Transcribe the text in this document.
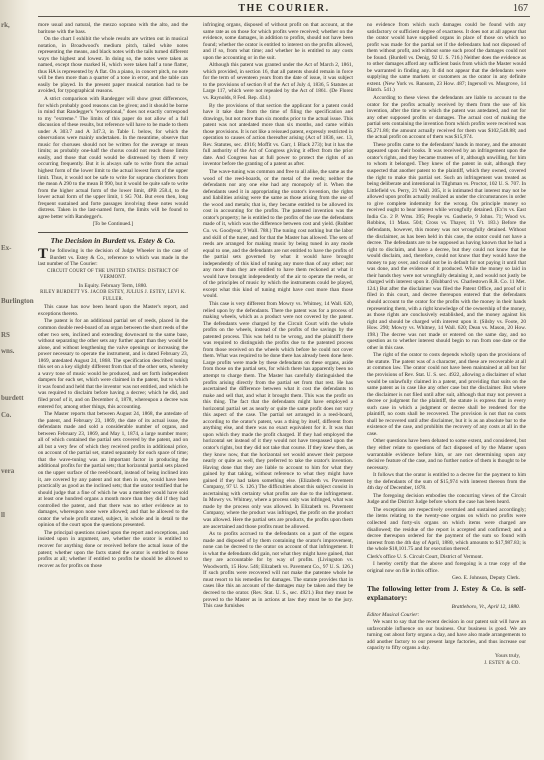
rk,
Ex-
Burlington
RS
wns.
burdett
Co.
vera
ll
THE COURIER.	167

more usual and natural, the mezzo soprano with the alto, and the baritone with the bass.

On the chart I exhibit the whole results are written out in musical notation, in Broadwood's medium pitch, tailed white notes representing the means, and black notes with the tails turned different ways the highest and lowest. In doing so, the notes were taken as named, except those marked H, which were taken half a tone flatter, thus HA is represented by A flat. On a piano, in concert pitch, no note will be then more than a quarter of a tone in error, and the table can easily be played. In the present paper musical notation had to be avoided, for typographical reasons.

A strict comparison with Randegger will show great differences, for which probably good reasons can be given; and it should be borne in mind that Randegger's "exceptional," does not exactly correspond to my "extreme." The limits of this paper do not allow of a full discussion of these results, but reference will have to be made to them under A 303.7 and A 347.3, in Table I. below, for which the observations were mainly undertaken. In the meantime, observe that music for choruses should not be written for the average or mean limits; as probably one-half the chorus could not reach those limits easily, and those that could would be distressed by them if very occurring frequently. But it is always safe to write from the actual highest form of the lower limit to the actual lowest form of the upper limit. Thus, it would not be safe to write for soprano choristers from the mean A 290 to the mean B 990, but it would be quite safe to write from the higher actual form of the lower limit, 4PB 258.4, to the lower actual form of the upper limit, 1 SG 704. But even then, long frequent sustained and forte passages involving these notes would distress. Taken in the last-named form, the limits will be found to agree better with Randegger's.

[To be Continued.]
The Decision in Burdett vs. Estey & Co.

The following is the decision of Judge Wheeler in the case of Burdett vs. Estey & Co., reference to which was made in the last number of The Courier:

CIRCUIT COURT OF THE UNITED STATES: DISTRICT OF VERMONT.
In Equity. February Term, 1880.
RILEY BURDETT VS. JACOB ESTEY, JULIUS J. ESTEY, LEVI K. FULLER.

This cause has now been heard upon the Master's report, and exceptions thereto.

The patent is for an additional partial set of reeds, placed in the common double reed-board of an organ between the short reeds of the other two sets, inclined and extending downward to the same base, without separating the other sets any further apart than they would be alone, and without lengthening the valve openings or increasing the power necessary to operate the instrument, and is dated February 23, 1869, antedated August 24, 1868. The specification described tuning this set on a key slightly different from that of the other sets, whereby a wavy tone of music would be produced, and set forth independent dampers for each set, which were claimed in the patent, but to which it was found and held that the inventor was not entitled, and which he was required to disclaim before having a decree; which he did, and filed proof of it, and on December 4, 1878, whereupon a decree was entered for, among other things, this accounting.

The Master reports that between August 24, 1868, the antedate of the patent, and February 23, 1869, the date of its actual issue, the defendants made and sold a considerable number of organs, and between February 23, 1869, and May 1, 1874, a large number more; all of which contained the partial sets covered by the patent, and on all but a very few of which they received profits in additional price, on account of the partial set, stated separately for each space of time; that the wave-tuning was an important factor in producing the additional profits for the partial sets; that horizontal partial sets placed on the upper surface of the reed-board, instead of being inclined into it, are covered by any patent and not then in use, would have been practically as good as the inclined sets; that the orator testified that he should judge that a fine of which he was a member would have sold at least one hundred organs a month more than they did if they had controlled the patent, and that there was no other evidence as to damages, whereupon none were allowed; and that he allowed to the orator the whole profit stated, subject, in whole and in detail to the opinion of the court upon the questions presented.

The principal questions raised upon the report and exceptions, and insisted upon in argument, are, whether the orator is entitled to recover for anything done or received before the actual issue of the patent; whether upon the facts stated the orator is entitled to those profits at all; whether if entitled to profits he should be allowed to recover as for profits on those

infringing organs, disposed of without profit on that account, at the same rate as on those for which profits were received; whether on the evidence, some damages, in addition to profits, should not have been found; whether the orator is entitled to interest on the profits allowed, and if so, from what time; and whether he is entitled to any costs upon the accounting or in the suit.

Although this patent was granted under the Act of March 2, 1861, which provided, in section 16, that all patents should remain in force for the term of seventeen years from the date of issue, it was subject to the provisions of section 8 of the Act of July 4, 1836, 5 Statutes at Large 117, which were not repealed by the Act of 1861. (De Florez vs. Raynolds, 8 Fed. Rep. 434.)

By the provisions of that section the applicant for a patent could have it take date from the time of filing the specification and drawings, but not more than six months prior to the actual issue. This patent was not antedated more than six months, and came within those provisions. It is not like a reissued patent, expressly restricted in operation to causes of action thereafter arising (Act of 1836, sec. 13, Rev. Statutes, sec. 4916; Moffit vs. Garr, 1 Black 273); but it has the full authority of the Act of Congress giving it effect from the prior date. And Congress has at full power to protect the rights of an inventor before the granting of a patent as after.

The wave-tuning was common and free to all alike, the same as the wood of the reed-boards, or the metal of the reeds; neither the defendants nor any one else had any monopoly of it. When the defendants used it in appropriating the orator's invention, the rights and liabilities arising were the same as those arising from the use of the wood and metals; that is, they became entitled to be allowed its cost in accounting for the profits. The patented invention was the orator's property; he is entitled to the profits of the use the defendants made of it, which was the difference between cost and yield. (Rubber Co. vs. Goodyear, 9 Wall. 788.) The tuning cost nothing but the labor and skill of the tuner, and for that the Master has allowed. The sets of reeds are arranged for making music by being tuned in any mode equal to one, and the defendants are not entitled to have the profits of the partial sets governed by what it would have brought independently of this kind of tuning any more than of any other; nor any more than they are entitled to have them reckoned at what it would have brought independently of the air to operate the reeds, or of the principles of music by which the instruments could be played, except what this kind of tuning might have cost more than those would.

This case is very different from Mowry vs. Whitney, 14 Wall. 620, relied upon by the defendants. There the patent was for a process of making wheels, which as a product were not covered by the patent. The defendants were charged by the Circuit Court with the whole profits on the wheels, instead of the profits of the savings by the patented process. This was held to be wrong, and the plaintiff there was required to distinguish the profits due to the patented process from those received on the wheels which before he could not cover them. What was required to be done there has already been done here. Large profits were made by these defendants on these organs, aside from those on the partial sets, for which there has apparently been no attempt to charge them. The Master has carefully distinguished the profits arising directly from the partial set from that rest. He has ascertained the difference between what it cost the defendants to make and sell that, and what it brought them. This was the profit on this thing. The fact that the defendants might have employed a horizontal partial set as nearly or quite the same profit does not vary this aspect of the case. The partial set arranged in a reed-board, according to the orator's patent, was a thing by itself, different from anything else, and there was no exact equivalent for it. It was that upon which they made the profit charged. If they had employed the horizontal set instead of it they would not have trespassed upon the orator's rights, but they did not take that course. If they knew then, as they know now, that the horizontal set would answer their purpose nearly or quite as well, they preferred to take the orator's invention. Having done that they are liable to account to him for what they gained by that taking, without reference to what they might have gained if they had taken something else. (Elizabeth vs. Pavement Company, 97 U. S. 126.) The difficulties about this subject consist in ascertaining with certainty what profits are due to the infringement. In Mowry vs. Whitney, where a process only was infringed, what was made by the process only was allowed. In Elizabeth vs. Pavement Company, where the product was infringed, the profit on the product was allowed. Here the partial sets are products, the profits upon them are ascertained and those profits must be allowed.

As to profits accrued to the defendants on a part of the organs made and disposed of by them containing the orator's improvement, none can be decreed to the orator on account of that infringement. It is what the defendants did gain, not what they might have gained, that they are accountable for by way of profits. (Livingston vs. Woodworth, 15 How. 546; Elizabeth vs. Pavement Co., 97 U. S. 126.) If such profits were recovered will not make the patentee whole he must resort to his remedies for damages. The statute provides that in cases like this an account of the damages may be taken and they be decreed to the orator. (Rev. Stat. U. S., sec. 4921.) But they must be proved to the Master as in actions at law they must be to the jury. This case furnishes

no evidence from which such damages could be found with any satisfactory or sufficient degree of exactness. It does not at all appear that the orator would have supplied organs in place of those on which no profit was made for the partial set if the defendants had not disposed of them without profit, and without some such proof the damages could not be found. (Burdell vs. Denig, 92 U. S. 716.) Neither does the evidence as to other damages afford any sufficient basis from which the Master would be warranted in finding any. It did not appear that the defendants were supplying the same markets or customers as the orator in any definite extent. (New York vs. Ransom, 23 How. 487; Ingersoll vs. Musgrove, 14 Blatch. 541.)

According to these views the defendants are liable to account to the orator for the profits actually received by them from the use of his invention, after the time to which the patent was antedated, and not for any other supposed profits or damages. The actual cost of making the partial sets containing the invention from which profits were received was $5,271.86; the amount actually received for them was $102,548.88; and the actual profit on account of them was $15,974.

These profits came to the defendants' hands in money, and the amount appeared upon their books. It was received by an infringement upon the orator's rights, and they became trustees of it, although unwilling, for him to whom it belonged. They knew of the patent in suit, although they suspected that another patent to the plaintiff, which they owned, covered the right to make this partial set. Such an infringement was treated as being deliberate and intentional in Tilghman vs. Proctor, 102 U. S. 707. In Littlefield vs. Perry, 21 Wall. 205, it is intimated that interest may not be allowed upon profits actually realized as under the circumstances in order to give complete indemnity for the wrong. On principle money so received ought to bear interest while wrongfully detained. (Ex'rs vs. East India Co. 2 P. Wms. 395; People vs. Gasherie, 9 Johns. 71; Wood vs. Robbins, 11 Mass. 504; Cross vs. Thayer, 11 Vt. 183.) Before the defendants, however, this money was not wrongfully detained. Without the disclaimer, as has been held in this case, the orator could not have a decree. The defendants are to be supposed as having known that he had a right to disclaim, and have a decree, but they could not know that he would disclaim, and, therefore, could not know that they would have the money to pay over, and could not be in default for not paying it until that was done, and the evidence of it produced. While the money so laid in their hands they were not wrongfully detaining it, and would not justly be charged with interest upon it. (Hubbard vs. Charlestown R.R. Co. 11 Met. 124.) But after the disclaimer was filed the Patent Office, and proof of it filed in this court, and decree thereupon entered that the defendants should account to the orator for the profits with the money in their hands representing them, with a right knowledge of the ownership of the money, as those rights are conclusively established, and the money against his right and should be charged with interest upon it. (Silsby vs. Foote, 20 How. 290; Mowry vs. Whitney, 14 Wall. 620; Dean vs. Mason, 20 How. 198.) The decree was not made or entered on the same day, and no question as to whether interest should begin to run from one date or the other in this case.

The right of the orator to costs depends wholly upon the provisions of the statute. The patent was of a character, and these are recoverable at all at common law. The orator could not have been maintained at all but for the provisions of Rev. Stat. U. S. sec. 4922, allowing a disclaimer of what would be unlawfully claimed in a patent, and providing that suits on the same patent as in case like any other case but the disclaimer. But where the disclaimer is not filed until after suit, although that may not prevent a decree or judgment for the plaintiff, the statute is express that in every such case in which a judgment or decree shall be rendered for the plaintiff, no costs shall be recovered. The provision is not that no costs shall be recovered until after disclaimer, but it is as an absolute bar to the existence of the case, and prohibits the recovery of any costs at all in the case.

Other questions have been debated to some extent, and considered, but they either relate to questions of fact disposed of by the Master upon warrantable evidence before him, or are not determining upon any decisive feature of the case, and no further notice of them is thought to be necessary.

It follows that the orator is entitled to a decree for the payment to him by the defendants of the sum of $15,974 with interest thereon from the 4th day of December, 1878.

The foregoing decision embodies the concurring views of the Circuit Judge and the District Judge before whom the case has been heard.

The exceptions are respectively overruled and sustained accordingly; the items relating to the twenty-one organs on which no profits were collected and forty-six organs on which items were charged are disallowed; the residue of the report is accepted and confirmed; and a decree thereupon ordered for the payment of the sum so found with interest from the 4th day of April, 1880, which amounts to $17,987.83; is the whole $18,101.75 and for execution thereof.

Clerk's office U. S. Circuit Court, District of Vermont.

I hereby certify that the above and foregoing is a true copy of the original now on file in this office.

Geo. E. Johnson, Deputy Clerk.
The following letter from J. Estey & Co. is self-explanatory:
Brattleboro, Vt., April 12, 1880.

Editor Musical Courier:

We want to say that the recent decision in our patent suit will have an unfavorable influence on our business. Our business is good. We are turning out about forty organs a day, and have also made arrangements to add another factory to our present large factories, and thus increase our capacity to fifty organs a day.

Yours truly,
J. ESTEY & CO.
